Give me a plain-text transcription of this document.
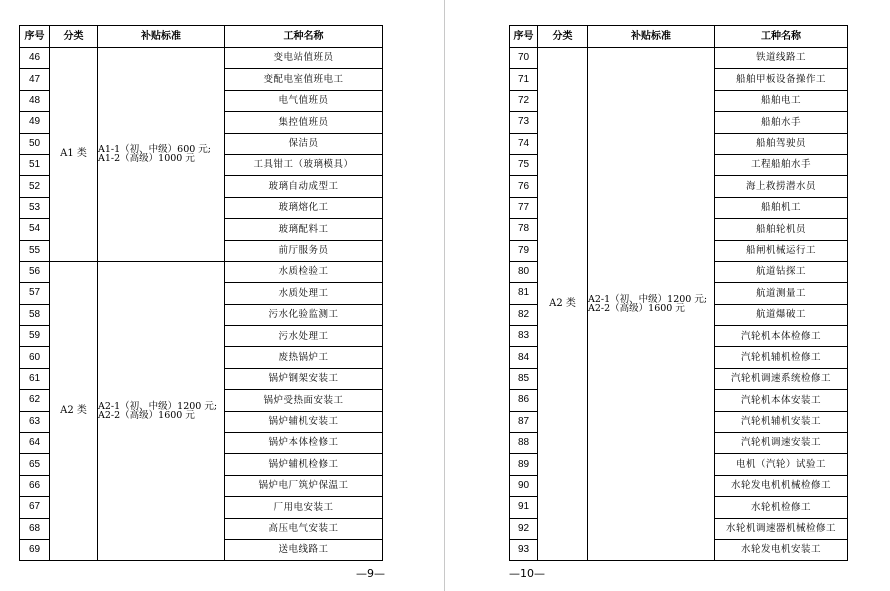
序号	分类	补贴标准	工种名称
46	A1 类	A1-1（初、中级）600 元;
A1-2（高级）1000 元	变电站值班员
47			变配电室值班电工
48			电气值班员
49			集控值班员
50			保洁员
51			工具钳工（玻璃模具）
52			玻璃自动成型工
53			玻璃熔化工
54			玻璃配料工
55			前厅服务员
56	A2 类	A2-1（初、中级）1200 元;
A2-2（高级）1600 元	水质检验工
57			水质处理工
58			污水化验监测工
59			污水处理工
60			废热锅炉工
61			锅炉钢架安装工
62			锅炉受热面安装工
63			锅炉辅机安装工
64			锅炉本体检修工
65			锅炉辅机检修工
66			锅炉电厂筑炉保温工
67			厂用电安装工
68			高压电气安装工
69			送电线路工
序号	分类	补贴标准	工种名称
70	A2 类	A2-1（初、中级）1200 元;
A2-2（高级）1600 元	铁道线路工
71			船舶甲板设备操作工
72			船舶电工
73			船舶水手
74			船舶驾驶员
75			工程船舶水手
76			海上救捞潜水员
77			船舶机工
78			船舶轮机员
79			船闸机械运行工
80			航道钻探工
81			航道测量工
82			航道爆破工
83			汽轮机本体检修工
84			汽轮机辅机检修工
85			汽轮机调速系统检修工
86			汽轮机本体安装工
87			汽轮机辅机安装工
88			汽轮机调速安装工
89			电机（汽轮）试验工
90			水轮发电机机械检修工
91			水轮机检修工
92			水轮机调速器机械检修工
93			水轮发电机安装工
—9—	—10—
